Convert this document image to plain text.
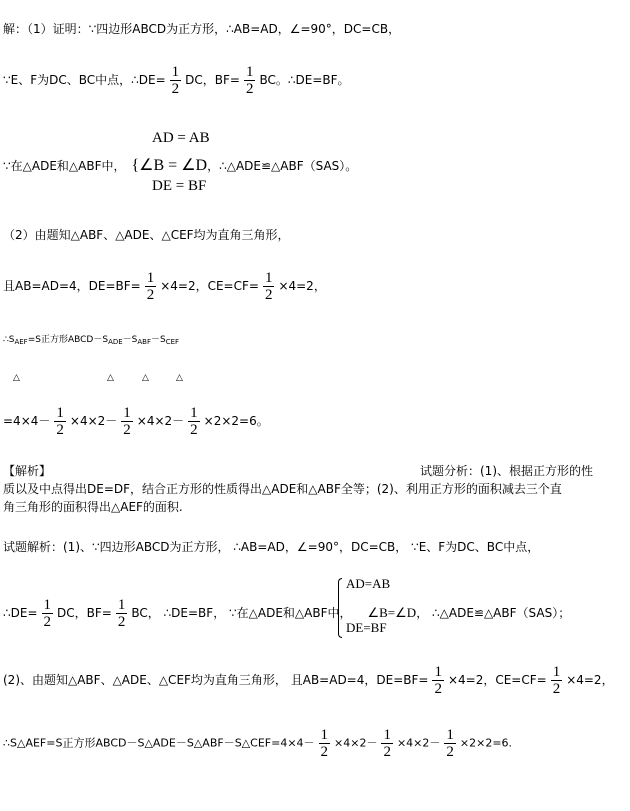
解：（1）证明：∵四边形ABCD为正方形，∴AB=AD，∠=90°，DC=CB，
∵E、F为DC、BC中点，∴DE= $\frac{1}{2}$ DC，$BF= \frac{1}{2}$ BC。∴DE=BF。
AD = AB
∵在△ADE和△ABF中， {∠B = ∠D，∴△ADE≌△ABF（SAS）。
DE = BF
（2）由题知△ABF、△ADE、△CEF均为直角三角形，
且AB=AD=4，$DE=BF= \frac{1}{2} \times 4=2$，$CE=CF= \frac{1}{2} \times 4=2$，
$\therefore S_{AEF}=S$正方形$ABCD-S_{ADE}-S_{ABF}-S_{CEF}$
△	△	△	△
$=4\times 4- \frac{1}{2} \times 4\times 2- \frac{1}{2} \times 4\times 2- \frac{1}{2} \times 2\times 2=6$。
【解析】	试题分析：(1)、根据正方形的性
质以及中点得出DE=DF，结合正方形的性质得出△ADE和△ABF全等；(2)、利用正方形的面积减去三个直
角三角形的面积得出△AEF的面积.
试题解析：(1)、∵四边形ABCD为正方形， ∴AB=AD，∠=90°，DC=CB， ∵E、F为DC、BC中点，
AD=AB
DE=BF
∴DE= $\frac{1}{2}$ DC，$BF= \frac{1}{2}$ BC， ∴DE=BF， ∵在△ADE和△ABF中， ∠B=∠D， ∴△ADE≌△ABF（SAS）；
(2)、由题知△ABF、△ADE、△CEF均为直角三角形， 且AB=AD=4，$DE=BF= \frac{1}{2} \times 4=2$，$CE=CF= \frac{1}{2} \times 4=2$，
∴S△AEF=S正方形ABCD－S△ADE－S△ABF－S△CEF=4×4－ $\frac{1}{2} \times 4\times 2- \frac{1}{2} \times 4\times 2- \frac{1}{2} \times 2\times 2=6$.
